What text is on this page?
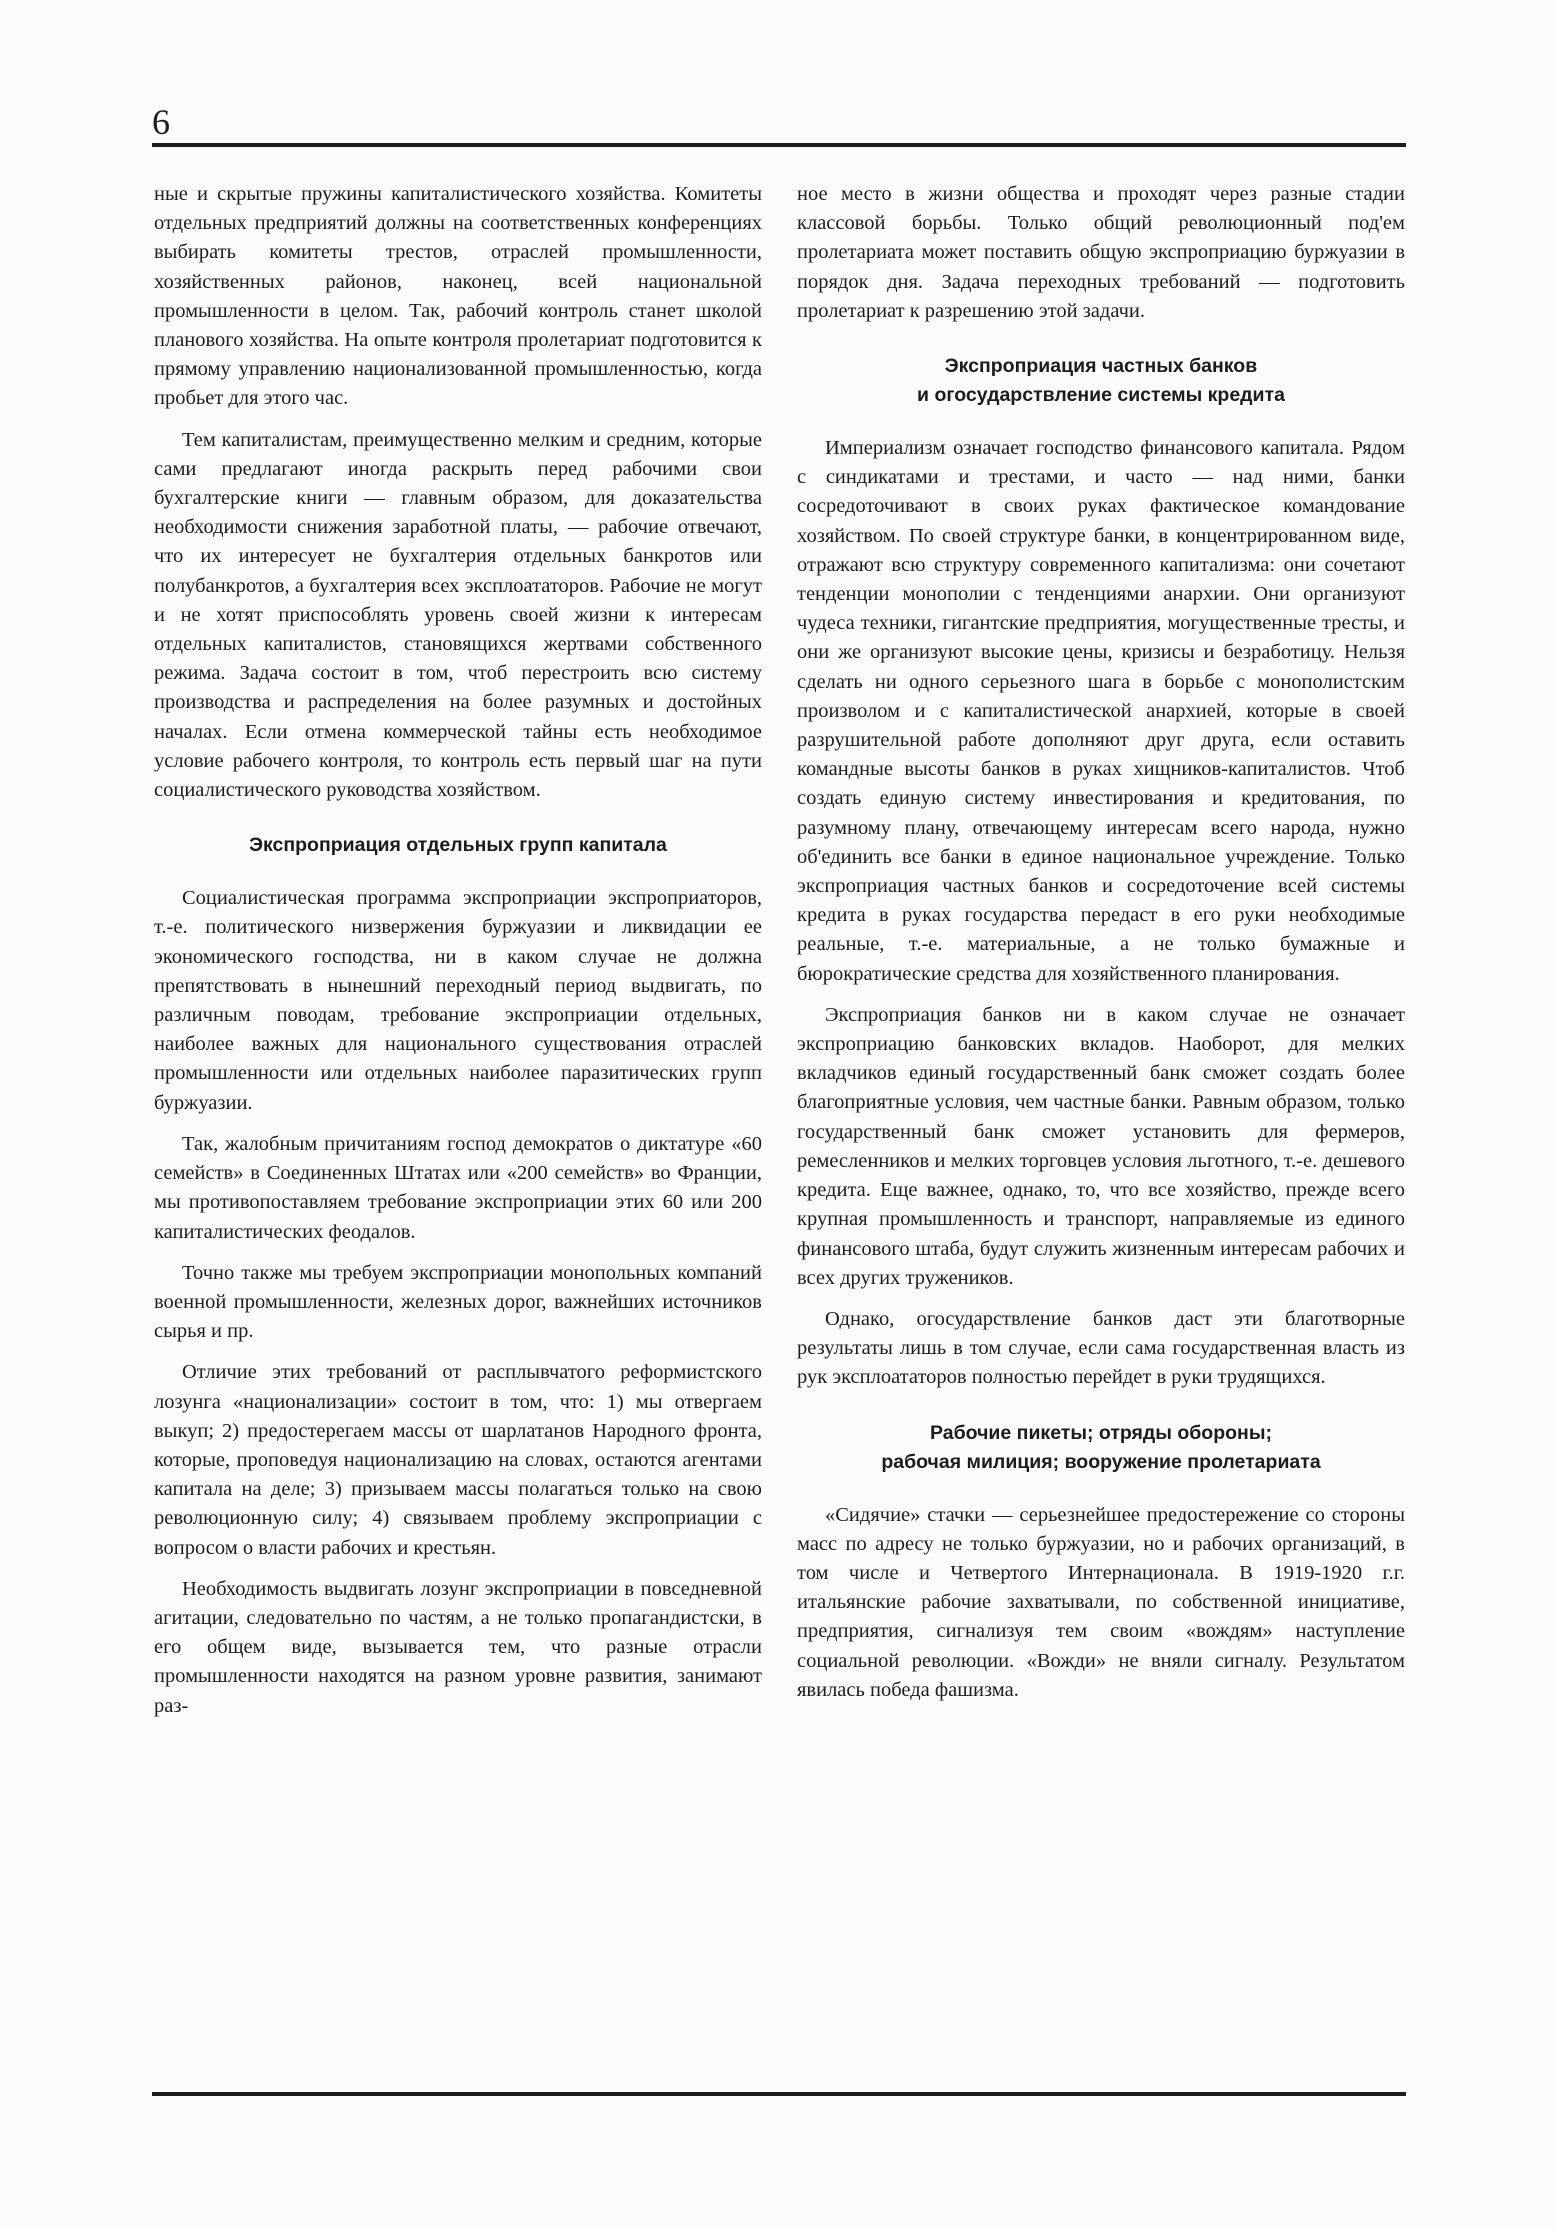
6

ные и скрытые пружины капиталистического хозяйства. Комитеты отдельных предприятий должны на соответственных конференциях выбирать комитеты трестов, отраслей промышленности, хозяйственных районов, наконец, всей национальной промышленности в целом. Так, рабочий контроль станет школой планового хозяйства. На опыте контроля пролетариат подготовится к прямому управлению национализованной промышленностью, когда пробьет для этого час.

Тем капиталистам, преимущественно мелким и средним, которые сами предлагают иногда раскрыть перед рабочими свои бухгалтерские книги — главным образом, для доказательства необходимости снижения заработной платы, — рабочие отвечают, что их интересует не бухгалтерия отдельных банкротов или полубанкротов, а бухгалтерия всех эксплоататоров. Рабочие не могут и не хотят приспособлять уровень своей жизни к интересам отдельных капиталистов, становящихся жертвами собственного режима. Задача состоит в том, чтоб перестроить всю систему производства и распределения на более разумных и достойных началах. Если отмена коммерческой тайны есть необходимое условие рабочего контроля, то контроль есть первый шаг на пути социалистического руководства хозяйством.

Экспроприация отдельных групп капитала

Социалистическая программа экспроприации экспроприаторов, т.-е. политического низвержения буржуазии и ликвидации ее экономического господства, ни в каком случае не должна препятствовать в нынешний переходный период выдвигать, по различным поводам, требование экспроприации отдельных, наиболее важных для национального существования отраслей промышленности или отдельных наиболее паразитических групп буржуазии.

Так, жалобным причитаниям господ демократов о диктатуре «60 семейств» в Соединенных Штатах или «200 семейств» во Франции, мы противопоставляем требование экспроприации этих 60 или 200 капиталистических феодалов.

Точно также мы требуем экспроприации монопольных компаний военной промышленности, железных дорог, важнейших источников сырья и пр.

Отличие этих требований от расплывчатого реформистского лозунга «национализации» состоит в том, что: 1) мы отвергаем выкуп; 2) предостерегаем массы от шарлатанов Народного фронта, которые, проповедуя национализацию на словах, остаются агентами капитала на деле; 3) призываем массы полагаться только на свою революционную силу; 4) связываем проблему экспроприации с вопросом о власти рабочих и крестьян.

Необходимость выдвигать лозунг экспроприации в повседневной агитации, следовательно по частям, а не только пропагандистски, в его общем виде, вызывается тем, что разные отрасли промышленности находятся на разном уровне развития, занимают раз-

ное место в жизни общества и проходят через разные стадии классовой борьбы. Только общий революционный под'ем пролетариата может поставить общую экспроприацию буржуазии в порядок дня. Задача переходных требований — подготовить пролетариат к разрешению этой задачи.

Экспроприация частных банков
и огосударствление системы кредита

Империализм означает господство финансового капитала. Рядом с синдикатами и трестами, и часто — над ними, банки сосредоточивают в своих руках фактическое командование хозяйством. По своей структуре банки, в концентрированном виде, отражают всю структуру современного капитализма: они сочетают тенденции монополии с тенденциями анархии. Они организуют чудеса техники, гигантские предприятия, могущественные тресты, и они же организуют высокие цены, кризисы и безработицу. Нельзя сделать ни одного серьезного шага в борьбе с монополистским произволом и с капиталистической анархией, которые в своей разрушительной работе дополняют друг друга, если оставить командные высоты банков в руках хищников-капиталистов. Чтоб создать единую систему инвестирования и кредитования, по разумному плану, отвечающему интересам всего народа, нужно об'единить все банки в единое национальное учреждение. Только экспроприация частных банков и сосредоточение всей системы кредита в руках государства передаст в его руки необходимые реальные, т.-е. материальные, а не только бумажные и бюрократические средства для хозяйственного планирования.

Экспроприация банков ни в каком случае не означает экспроприацию банковских вкладов. Наоборот, для мелких вкладчиков единый государственный банк сможет создать более благоприятные условия, чем частные банки. Равным образом, только государственный банк сможет установить для фермеров, ремесленников и мелких торговцев условия льготного, т.-е. дешевого кредита. Еще важнее, однако, то, что все хозяйство, прежде всего крупная промышленность и транспорт, направляемые из единого финансового штаба, будут служить жизненным интересам рабочих и всех других тружеников.

Однако, огосударствление банков даст эти благотворные результаты лишь в том случае, если сама государственная власть из рук эксплоататоров полностью перейдет в руки трудящихся.

Рабочие пикеты; отряды обороны;
рабочая милиция; вооружение пролетариата

«Сидячие» стачки — серьезнейшее предостережение со стороны масс по адресу не только буржуазии, но и рабочих организаций, в том числе и Четвертого Интернационала. В 1919-1920 г.г. итальянские рабочие захватывали, по собственной инициативе, предприятия, сигнализуя тем своим «вождям» наступление социальной революции. «Вожди» не вняли сигналу. Результатом явилась победа фашизма.
